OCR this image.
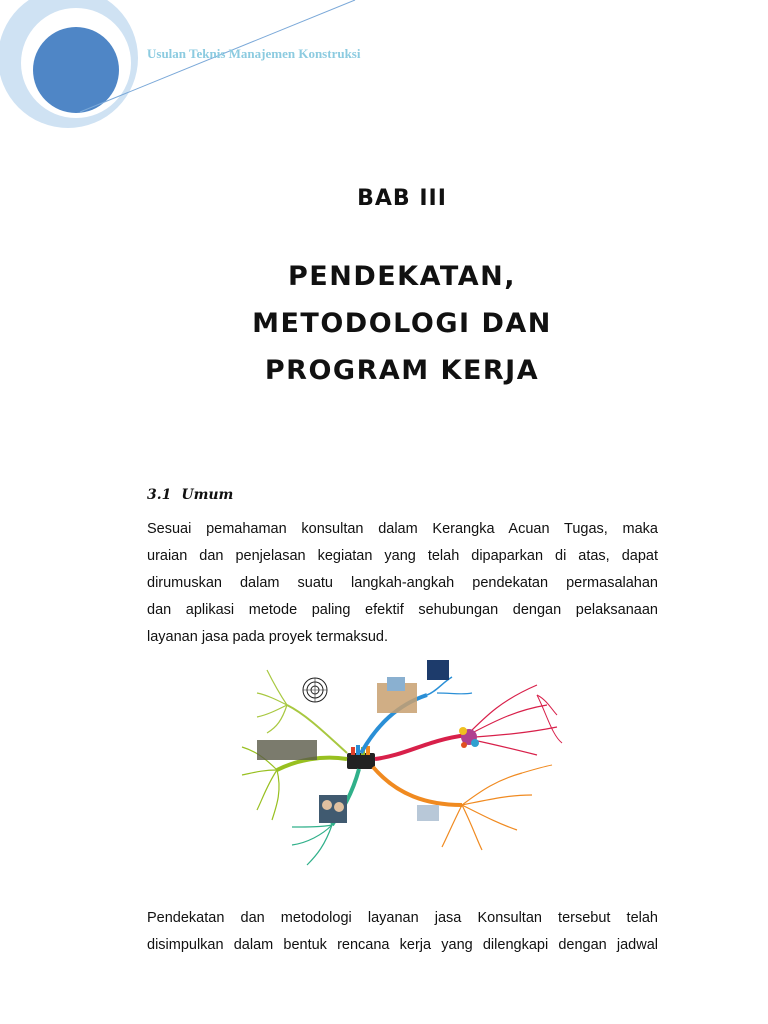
Usulan Teknis Manajemen Konstruksi
BAB III
PENDEKATAN,
METODOLOGI DAN
PROGRAM KERJA
3.1 Umum
Sesuai pemahaman konsultan dalam Kerangka Acuan Tugas, maka
uraian dan penjelasan kegiatan yang telah dipaparkan di atas, dapat
dirumuskan dalam suatu langkah-angkah pendekatan permasalahan
dan aplikasi metode paling efektif sehubungan dengan pelaksanaan
layanan jasa pada proyek termaksud.
Pendekatan dan metodologi layanan jasa Konsultan tersebut telah
disimpulkan dalam bentuk rencana kerja yang dilengkapi dengan jadwal
